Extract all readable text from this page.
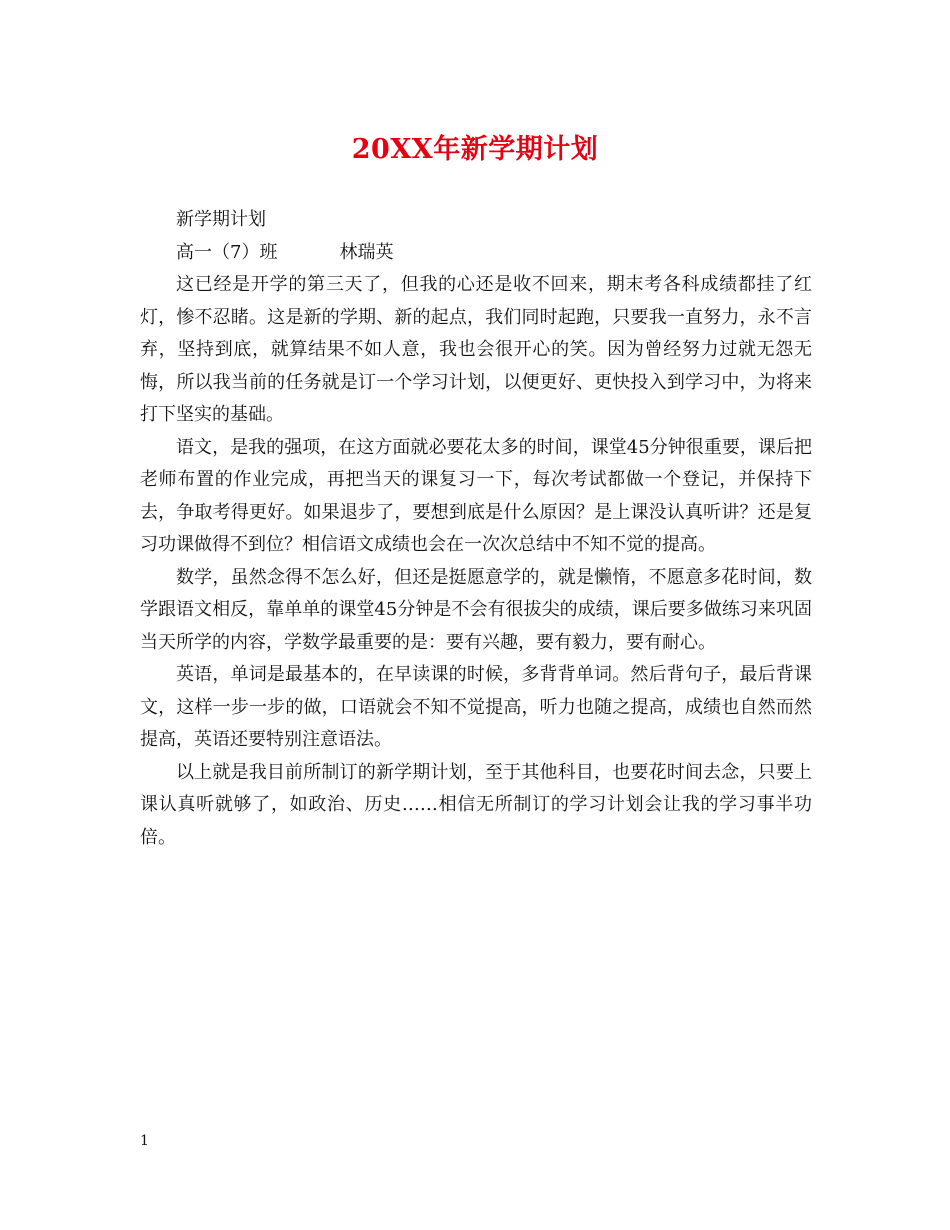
20XX年新学期计划

新学期计划

高一（7）班	林瑞英

这已经是开学的第三天了，但我的心还是收不回来，期末考各科成绩都挂了红灯，惨不忍睹。这是新的学期、新的起点，我们同时起跑，只要我一直努力，永不言弃，坚持到底，就算结果不如人意，我也会很开心的笑。因为曾经努力过就无怨无悔，所以我当前的任务就是订一个学习计划，以便更好、更快投入到学习中，为将来打下坚实的基础。

语文，是我的强项，在这方面就必要花太多的时间，课堂45分钟很重要，课后把老师布置的作业完成，再把当天的课复习一下，每次考试都做一个登记，并保持下去，争取考得更好。如果退步了，要想到底是什么原因？是上课没认真听讲？还是复习功课做得不到位？相信语文成绩也会在一次次总结中不知不觉的提高。

数学，虽然念得不怎么好，但还是挺愿意学的，就是懒惰，不愿意多花时间，数学跟语文相反，靠单单的课堂45分钟是不会有很拔尖的成绩，课后要多做练习来巩固当天所学的内容，学数学最重要的是：要有兴趣，要有毅力，要有耐心。

英语，单词是最基本的，在早读课的时候，多背背单词。然后背句子，最后背课文，这样一步一步的做，口语就会不知不觉提高，听力也随之提高，成绩也自然而然提高，英语还要特别注意语法。

以上就是我目前所制订的新学期计划，至于其他科目，也要花时间去念，只要上课认真听就够了，如政治、历史……相信无所制订的学习计划会让我的学习事半功倍。

1
